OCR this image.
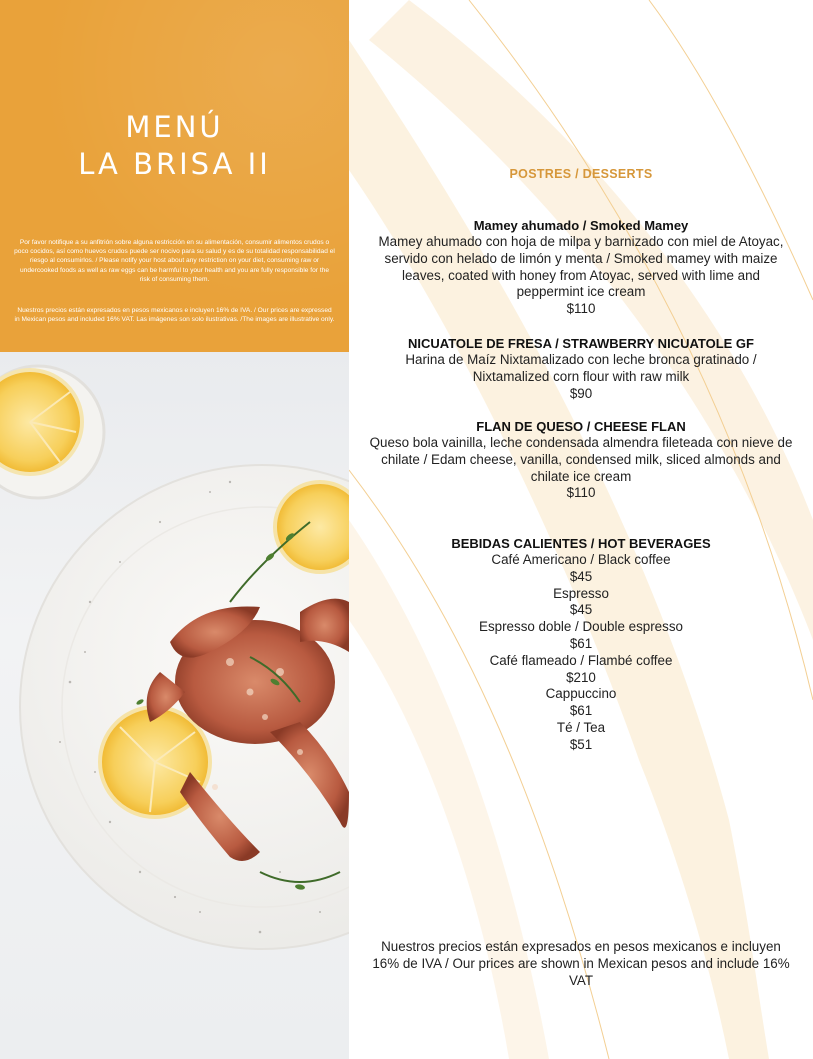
MENÚ
LA BRISA II

Por favor notifique a su anfitrión sobre alguna restricción en su alimentación, consumir alimentos crudos o poco cocidos, así como huevos crudos puede ser nocivo para su salud y es de su totalidad responsabilidad el riesgo al consumirlos. / Please notify your host about any restriction on your diet, consuming raw or undercooked foods as well as raw eggs can be harmful to your health and you are fully responsible for the risk of consuming them.

Nuestros precios están expresados en pesos mexicanos e incluyen 16% de IVA. / Our prices are expressed in Mexican pesos and included 16% VAT. Las imágenes son solo ilustrativas. /The images are illustrative only.

POSTRES / DESSERTS
Mamey ahumado / Smoked Mamey
Mamey ahumado con hoja de milpa y barnizado con miel de Atoyac, servido con helado de limón y menta / Smoked mamey with maize leaves, coated with honey from Atoyac, served with lime and peppermint ice cream
$110
NICUATOLE DE FRESA / STRAWBERRY NICUATOLE GF
Harina de Maíz Nixtamalizado con leche bronca gratinado / Nixtamalized corn flour with raw milk
$90
FLAN DE QUESO / CHEESE FLAN
Queso bola vainilla, leche condensada almendra fileteada con nieve de chilate / Edam cheese, vanilla, condensed milk, sliced almonds and chilate ice cream
$110
BEBIDAS CALIENTES / HOT BEVERAGES
Café Americano / Black coffee
$45
Espresso
$45
Espresso doble / Double espresso
$61
Café flameado / Flambé coffee
$210
Cappuccino
$61
Té / Tea
$51

Nuestros precios están expresados en pesos mexicanos e incluyen 16% de IVA / Our prices are shown in Mexican pesos and include 16% VAT
